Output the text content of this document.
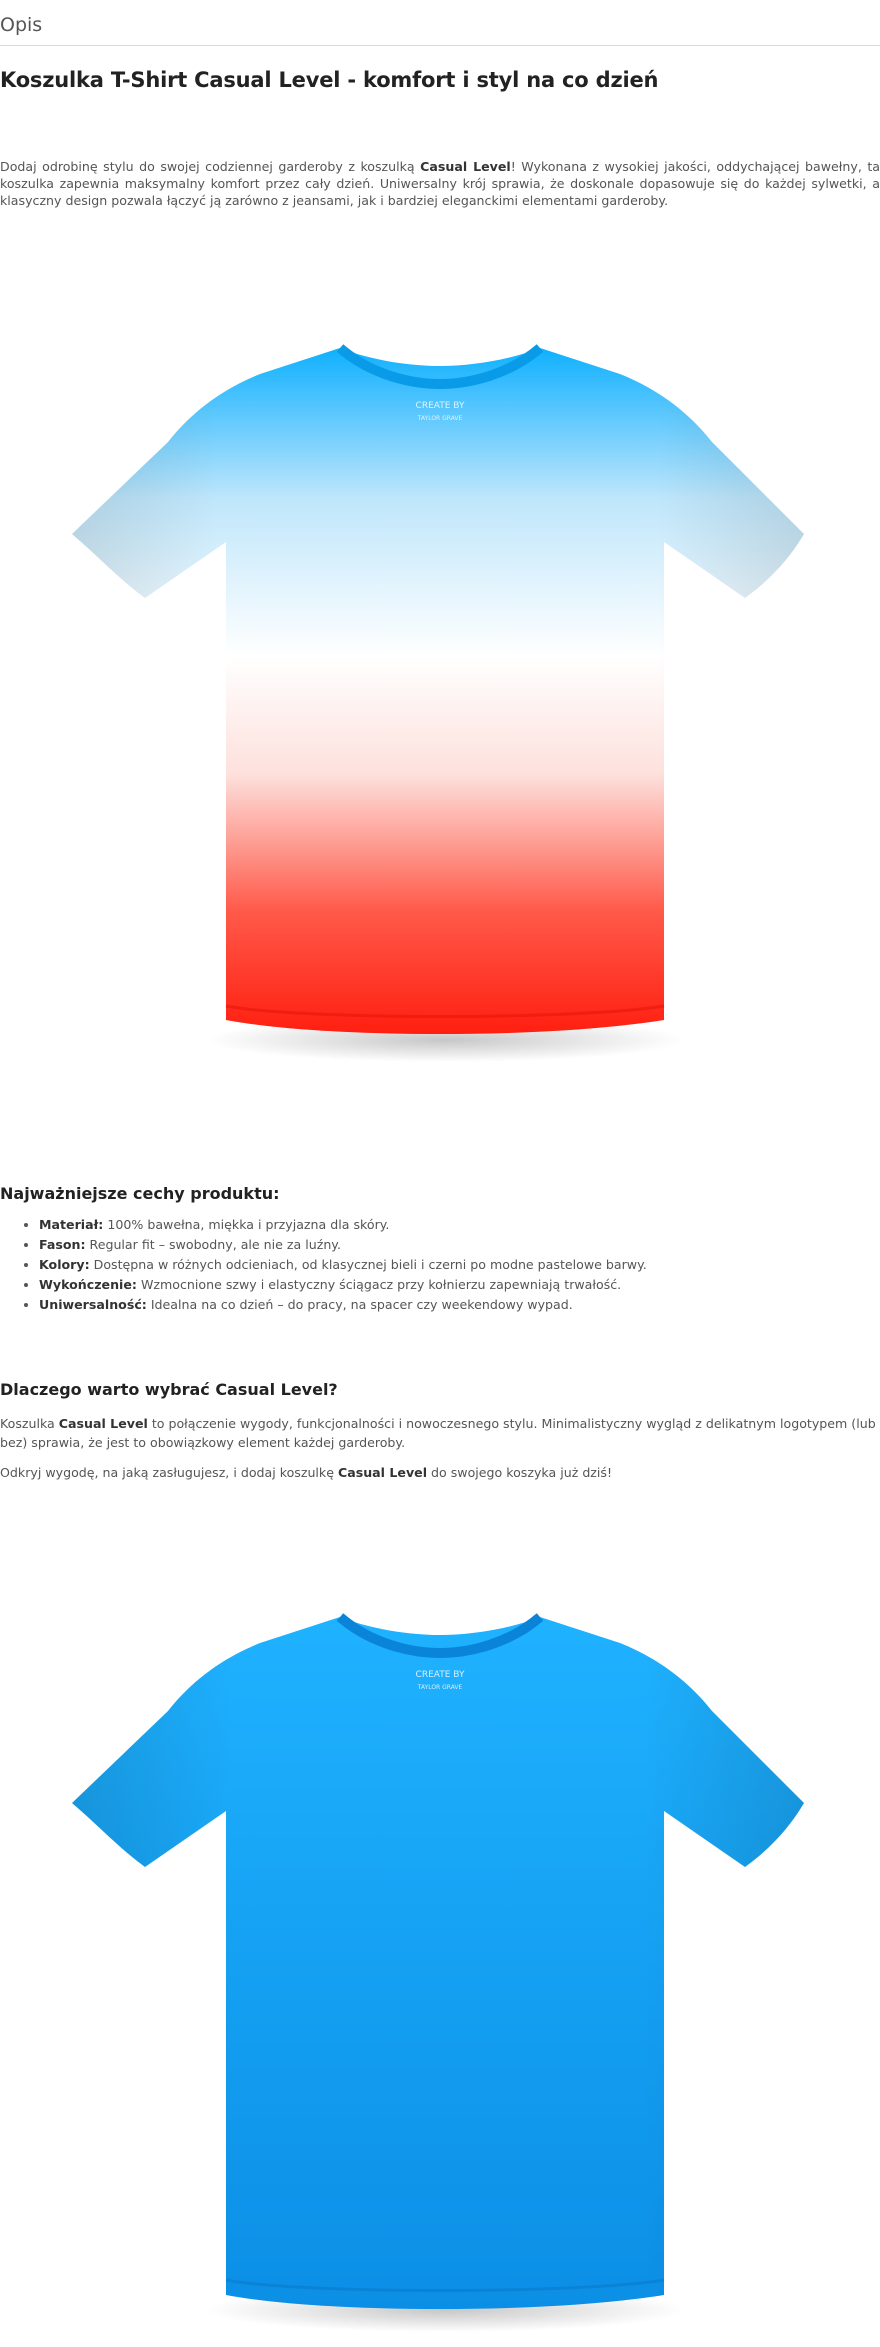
Opis
Koszulka T-Shirt Casual Level - komfort i styl na co dzień

Dodaj odrobinę stylu do swojej codziennej garderoby z koszulką Casual Level! Wykonana z wysokiej jakości, oddychającej bawełny, ta koszulka zapewnia maksymalny komfort przez cały dzień. Uniwersalny krój sprawia, że doskonale dopasowuje się do każdej sylwetki, a klasyczny design pozwala łączyć ją zarówno z jeansami, jak i bardziej eleganckimi elementami garderoby.

CREATE BY
TAYLOR GRAVE
Najważniejsze cechy produktu:
• Materiał: 100% bawełna, miękka i przyjazna dla skóry.
• Fason: Regular fit – swobodny, ale nie za luźny.
• Kolory: Dostępna w różnych odcieniach, od klasycznej bieli i czerni po modne pastelowe barwy.
• Wykończenie: Wzmocnione szwy i elastyczny ściągacz przy kołnierzu zapewniają trwałość.
• Uniwersalność: Idealna na co dzień – do pracy, na spacer czy weekendowy wypad.
Dlaczego warto wybrać Casual Level?

Koszulka Casual Level to połączenie wygody, funkcjonalności i nowoczesnego stylu. Minimalistyczny wygląd z delikatnym logotypem (lub bez) sprawia, że jest to obowiązkowy element każdej garderoby.

Odkryj wygodę, na jaką zasługujesz, i dodaj koszulkę Casual Level do swojego koszyka już dziś!

CREATE BY
TAYLOR GRAVE
